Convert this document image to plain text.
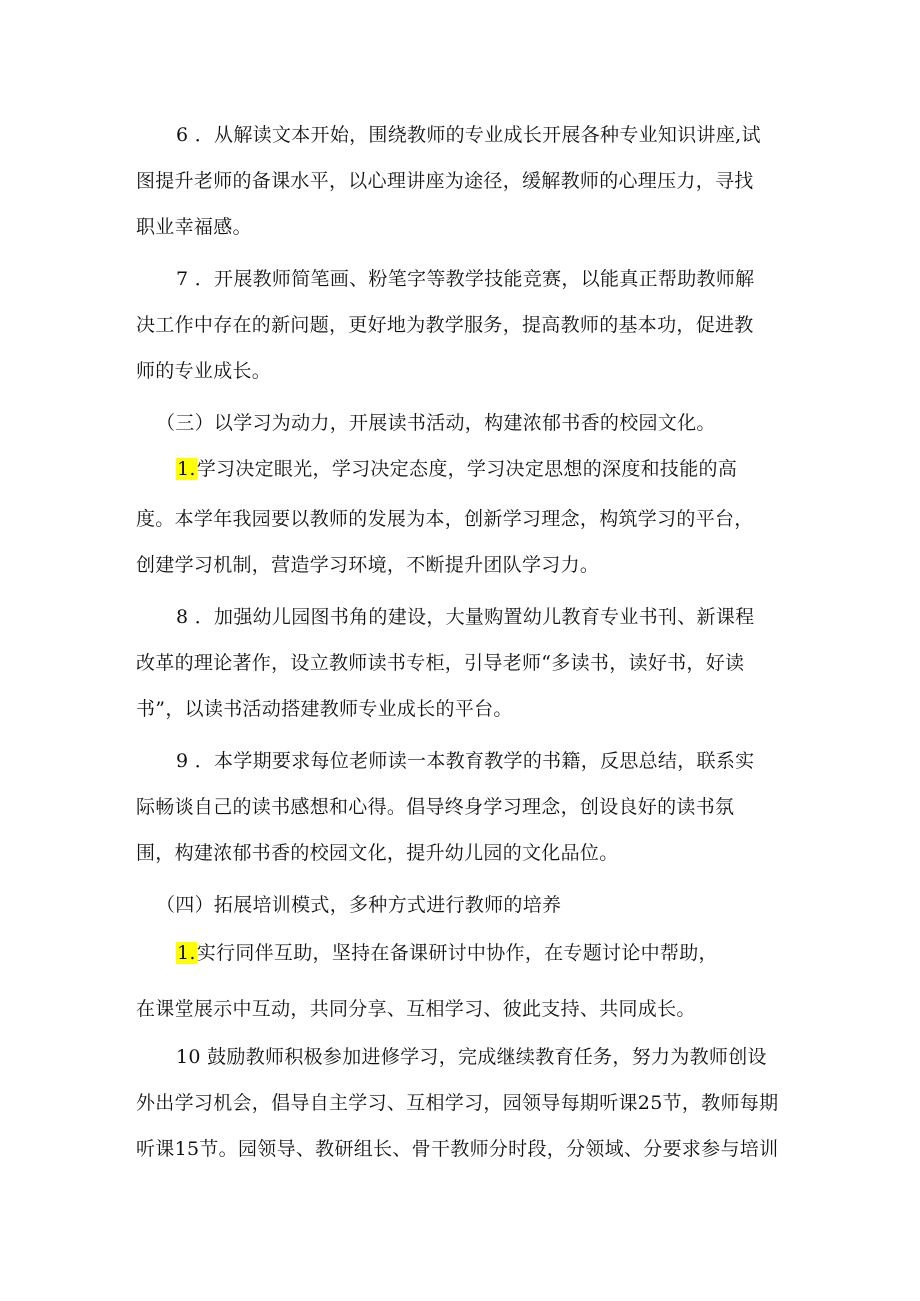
6 ．从解读文本开始，围绕教师的专业成长开展各种专业知识讲座,试
图提升老师的备课水平，以心理讲座为途径，缓解教师的心理压力，寻找
职业幸福感。
7 ．开展教师简笔画、粉笔字等教学技能竞赛，以能真正帮助教师解
决工作中存在的新问题，更好地为教学服务，提高教师的基本功，促进教
师的专业成长。
（三）以学习为动力，开展读书活动，构建浓郁书香的校园文化。
1.学习决定眼光，学习决定态度，学习决定思想的深度和技能的高
度。本学年我园要以教师的发展为本，创新学习理念，构筑学习的平台，
创建学习机制，营造学习环境，不断提升团队学习力。
8 ．加强幼儿园图书角的建设，大量购置幼儿教育专业书刊、新课程
改革的理论著作，设立教师读书专柜，引导老师“多读书，读好书，好读
书”，以读书活动搭建教师专业成长的平台。
9 ．本学期要求每位老师读一本教育教学的书籍，反思总结，联系实
际畅谈自己的读书感想和心得。倡导终身学习理念，创设良好的读书氛
围，构建浓郁书香的校园文化，提升幼儿园的文化品位。
（四）拓展培训模式，多种方式进行教师的培养
1.实行同伴互助，坚持在备课研讨中协作，在专题讨论中帮助，
在课堂展示中互动，共同分享、互相学习、彼此支持、共同成长。
10 鼓励教师积极参加进修学习，完成继续教育任务，努力为教师创设
外出学习机会，倡导自主学习、互相学习，园领导每期听课25节，教师每期
听课15节。园领导、教研组长、骨干教师分时段，分领域、分要求参与培训
